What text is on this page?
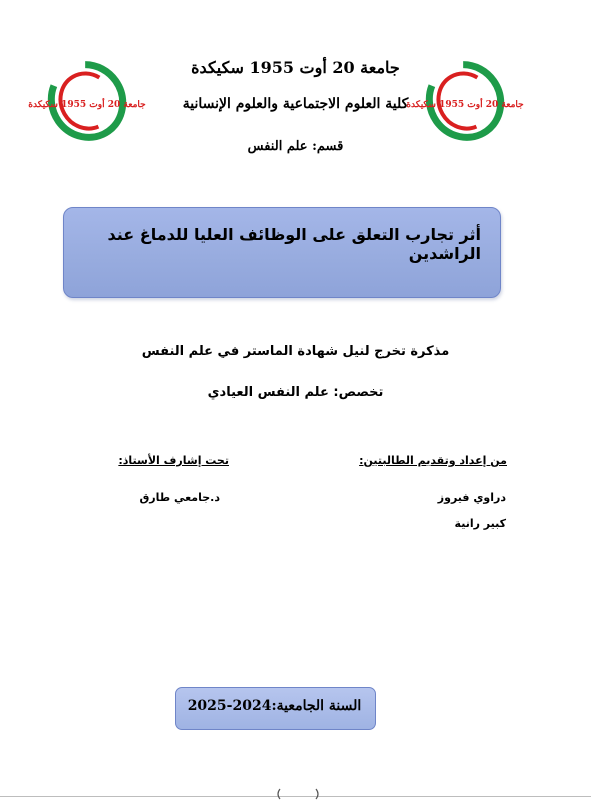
جامعة 20 أوت 1955 سكيكدة	جامعة 20 أوت 1955 سكيكدة
جامعة 20 أوت 1955 سكيكدة
كلية العلوم الاجتماعية والعلوم الإنسانية
قسم: علم النفس
أثر تجارب التعلق على الوظائف العليا للدماغ عند الراشدين
مذكرة تخرج لنيل شهادة الماستر في علم النفس
تخصص: علم النفس العيادي
من إعداد وتقديم الطالبتين:
تحت إشارف الأستاذ:
دراوي فيروز
كبير رانية
د.جامعي طارق
السنة الجامعية:2024-2025
